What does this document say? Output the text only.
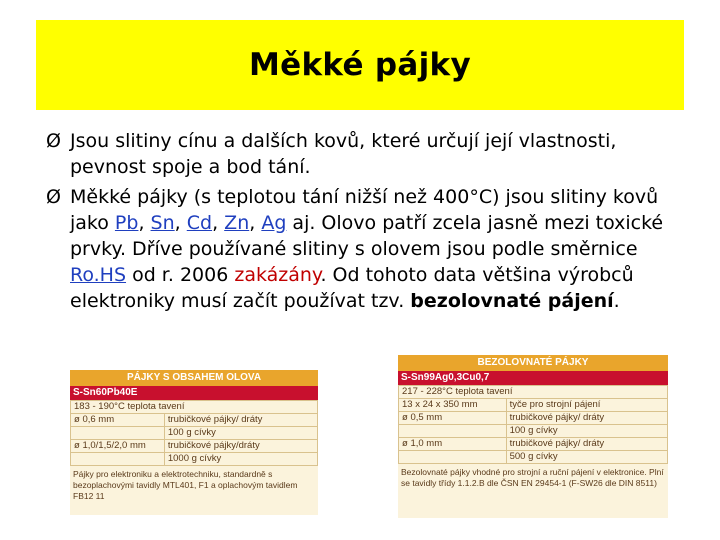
Měkké pájky
Ø Jsou slitiny cínu a dalších kovů, které určují její vlastnosti, pevnost spoje a bod tání.
Ø Měkké pájky (s teplotou tání nižší než 400°C) jsou slitiny kovů jako Pb, Sn, Cd, Zn, Ag aj. Olovo patří zcela jasně mezi toxické prvky. Dříve používané slitiny s olovem jsou podle směrnice Ro.HS od r. 2006 zakázány. Od tohoto data většina výrobců elektroniky musí začít používat tzv. bezolovnaté pájení.
PÁJKY S OBSAHEM OLOVA
S-Sn60Pb40E
183 - 190°C teplota tavení	
ø 0,6 mm	trubičkové pájky/ dráty
	100 g cívky
ø 1,0/1,5/2,0 mm	trubičkové pájky/dráty
	1000 g cívky
Pájky pro elektroniku a elektrotechniku, standardně s bezoplachovými tavidly MTL401, F1 a oplachovým tavidlem FB12 11
BEZOLOVNATÉ PÁJKY
S-Sn99Ag0,3Cu0,7
217 - 228°C teplota tavení	
13 x 24 x 350 mm	tyče pro strojní pájení
ø 0,5 mm	trubičkové pájky/ dráty
	100 g cívky
ø 1,0 mm	trubičkové pájky/ dráty
	500 g cívky
Bezolovnaté pájky vhodné pro strojní a ruční pájení v elektronice. Plní se tavidly třídy 1.1.2.B dle ČSN EN 29454-1 (F-SW26 dle DIN 8511)
